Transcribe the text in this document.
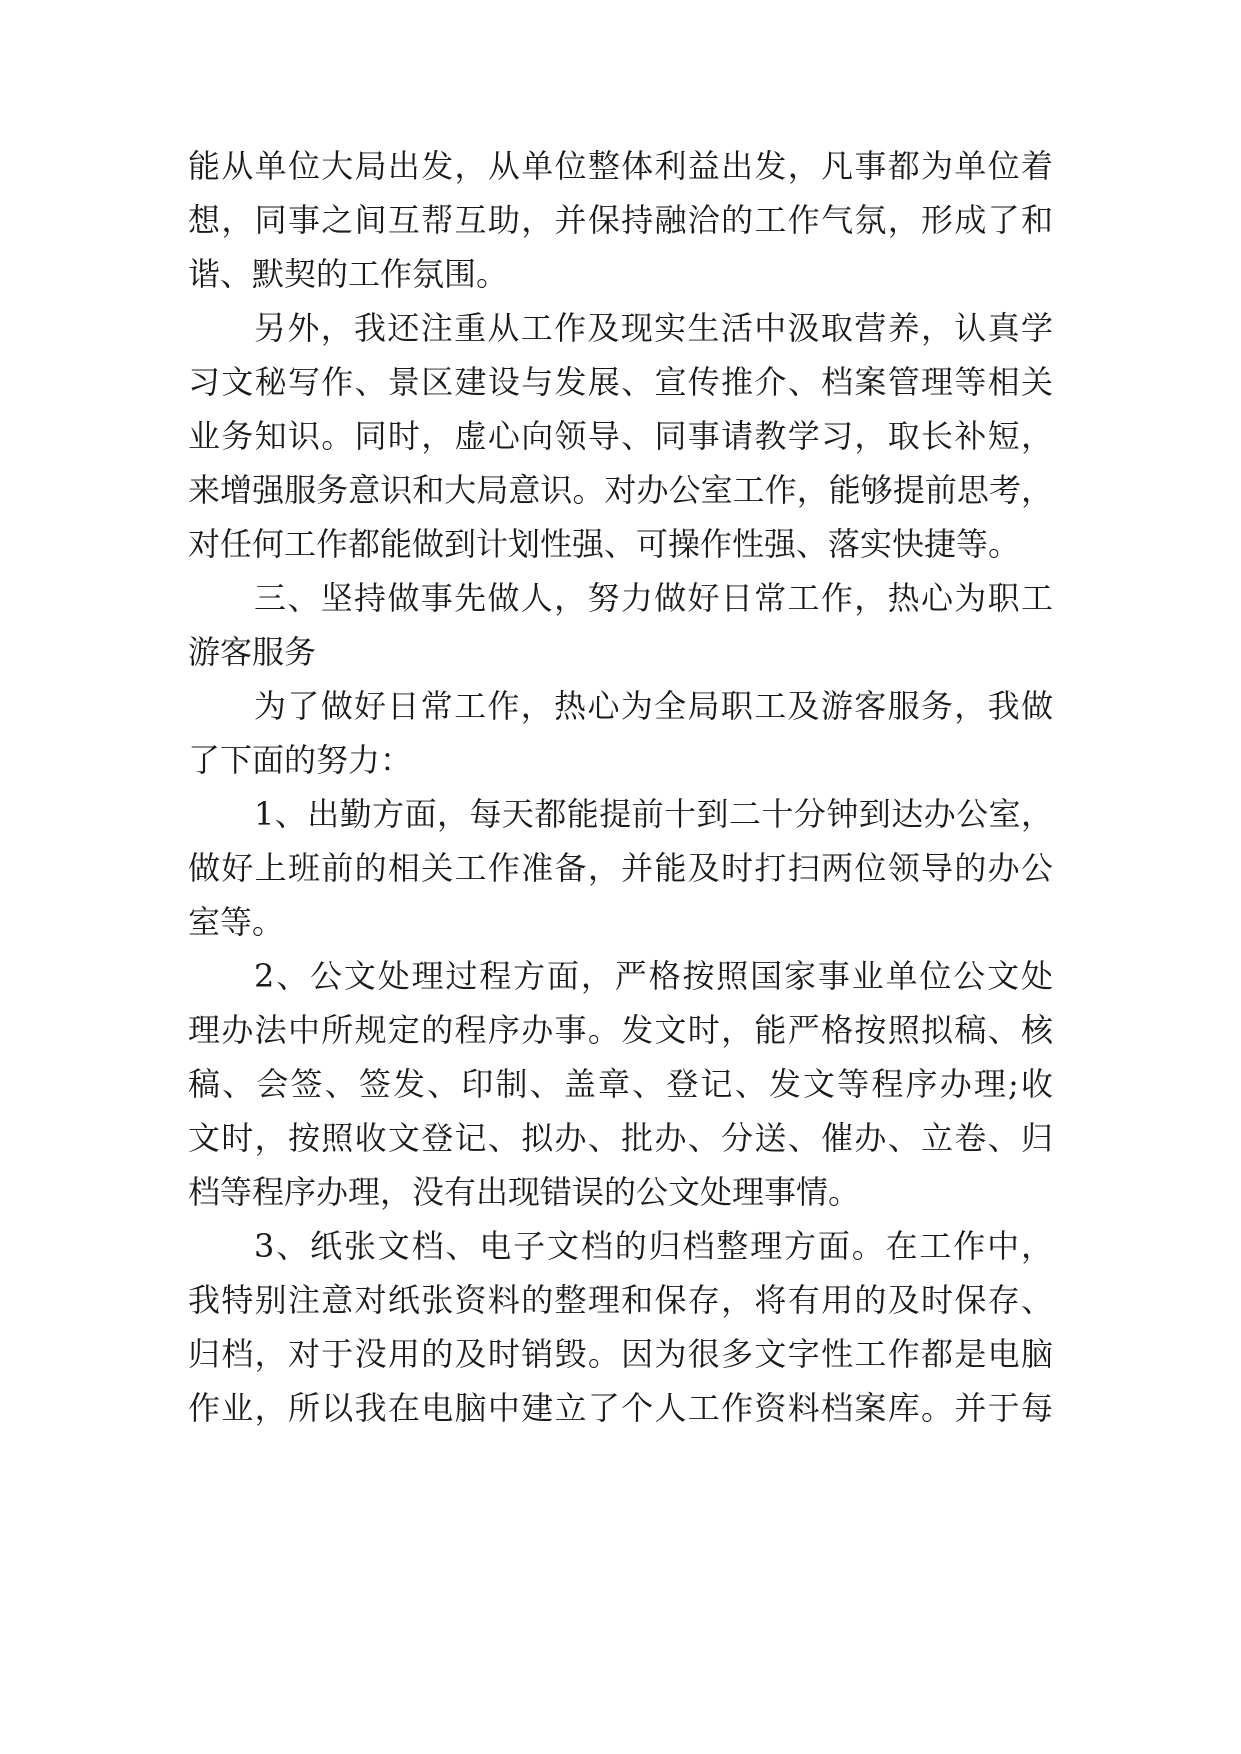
能从单位大局出发，从单位整体利益出发，凡事都为单位着
想，同事之间互帮互助，并保持融洽的工作气氛，形成了和
谐、默契的工作氛围。
另外，我还注重从工作及现实生活中汲取营养，认真学
习文秘写作、景区建设与发展、宣传推介、档案管理等相关
业务知识。同时，虚心向领导、同事请教学习，取长补短，
来增强服务意识和大局意识。对办公室工作，能够提前思考，
对任何工作都能做到计划性强、可操作性强、落实快捷等。
三、坚持做事先做人，努力做好日常工作，热心为职工
游客服务
为了做好日常工作，热心为全局职工及游客服务，我做
了下面的努力：
1、出勤方面，每天都能提前十到二十分钟到达办公室，
做好上班前的相关工作准备，并能及时打扫两位领导的办公
室等。
2、公文处理过程方面，严格按照国家事业单位公文处
理办法中所规定的程序办事。发文时，能严格按照拟稿、核
稿、会签、签发、印制、盖章、登记、发文等程序办理;收
文时，按照收文登记、拟办、批办、分送、催办、立卷、归
档等程序办理，没有出现错误的公文处理事情。
3、纸张文档、电子文档的归档整理方面。在工作中，
我特别注意对纸张资料的整理和保存，将有用的及时保存、
归档，对于没用的及时销毁。因为很多文字性工作都是电脑
作业，所以我在电脑中建立了个人工作资料档案库。并于每
